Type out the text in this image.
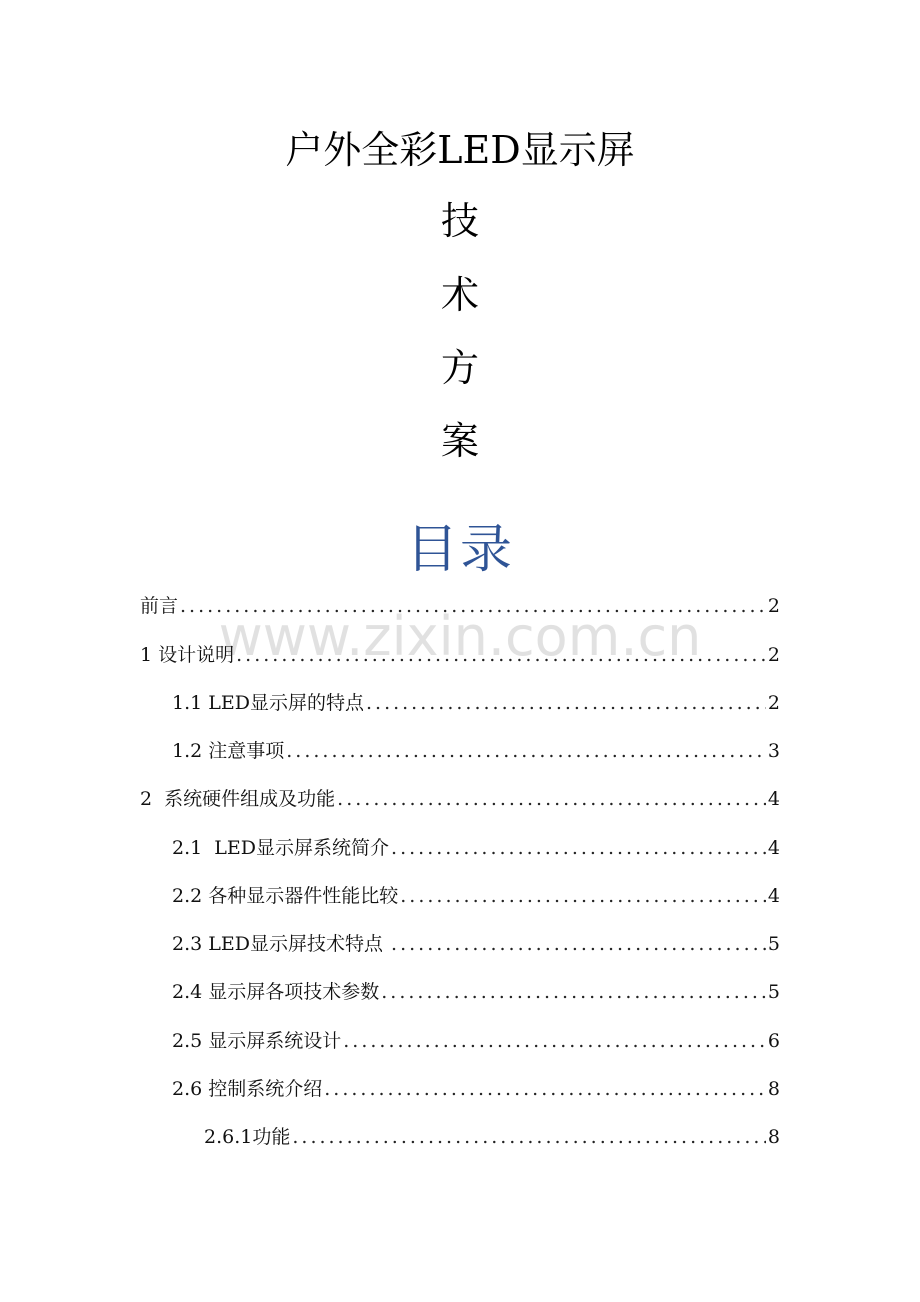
户外全彩LED显示屏
技
术
方
案
目录
www.zixin.com.cn
前言 .....	2
1 设计说明 .....	2
1.1 LED显示屏的特点 .....	2
1.2 注意事项 .....	3
2  系统硬件组成及功能 .....	4
2.1  LED显示屏系统简介 .....	4
2.2 各种显示器件性能比较 .....	4
2.3 LED显示屏技术特点 .....	5
2.4 显示屏各项技术参数 .....	5
2.5 显示屏系统设计 .....	6
2.6 控制系统介绍 .....	8
2.6.1功能 .....	8
